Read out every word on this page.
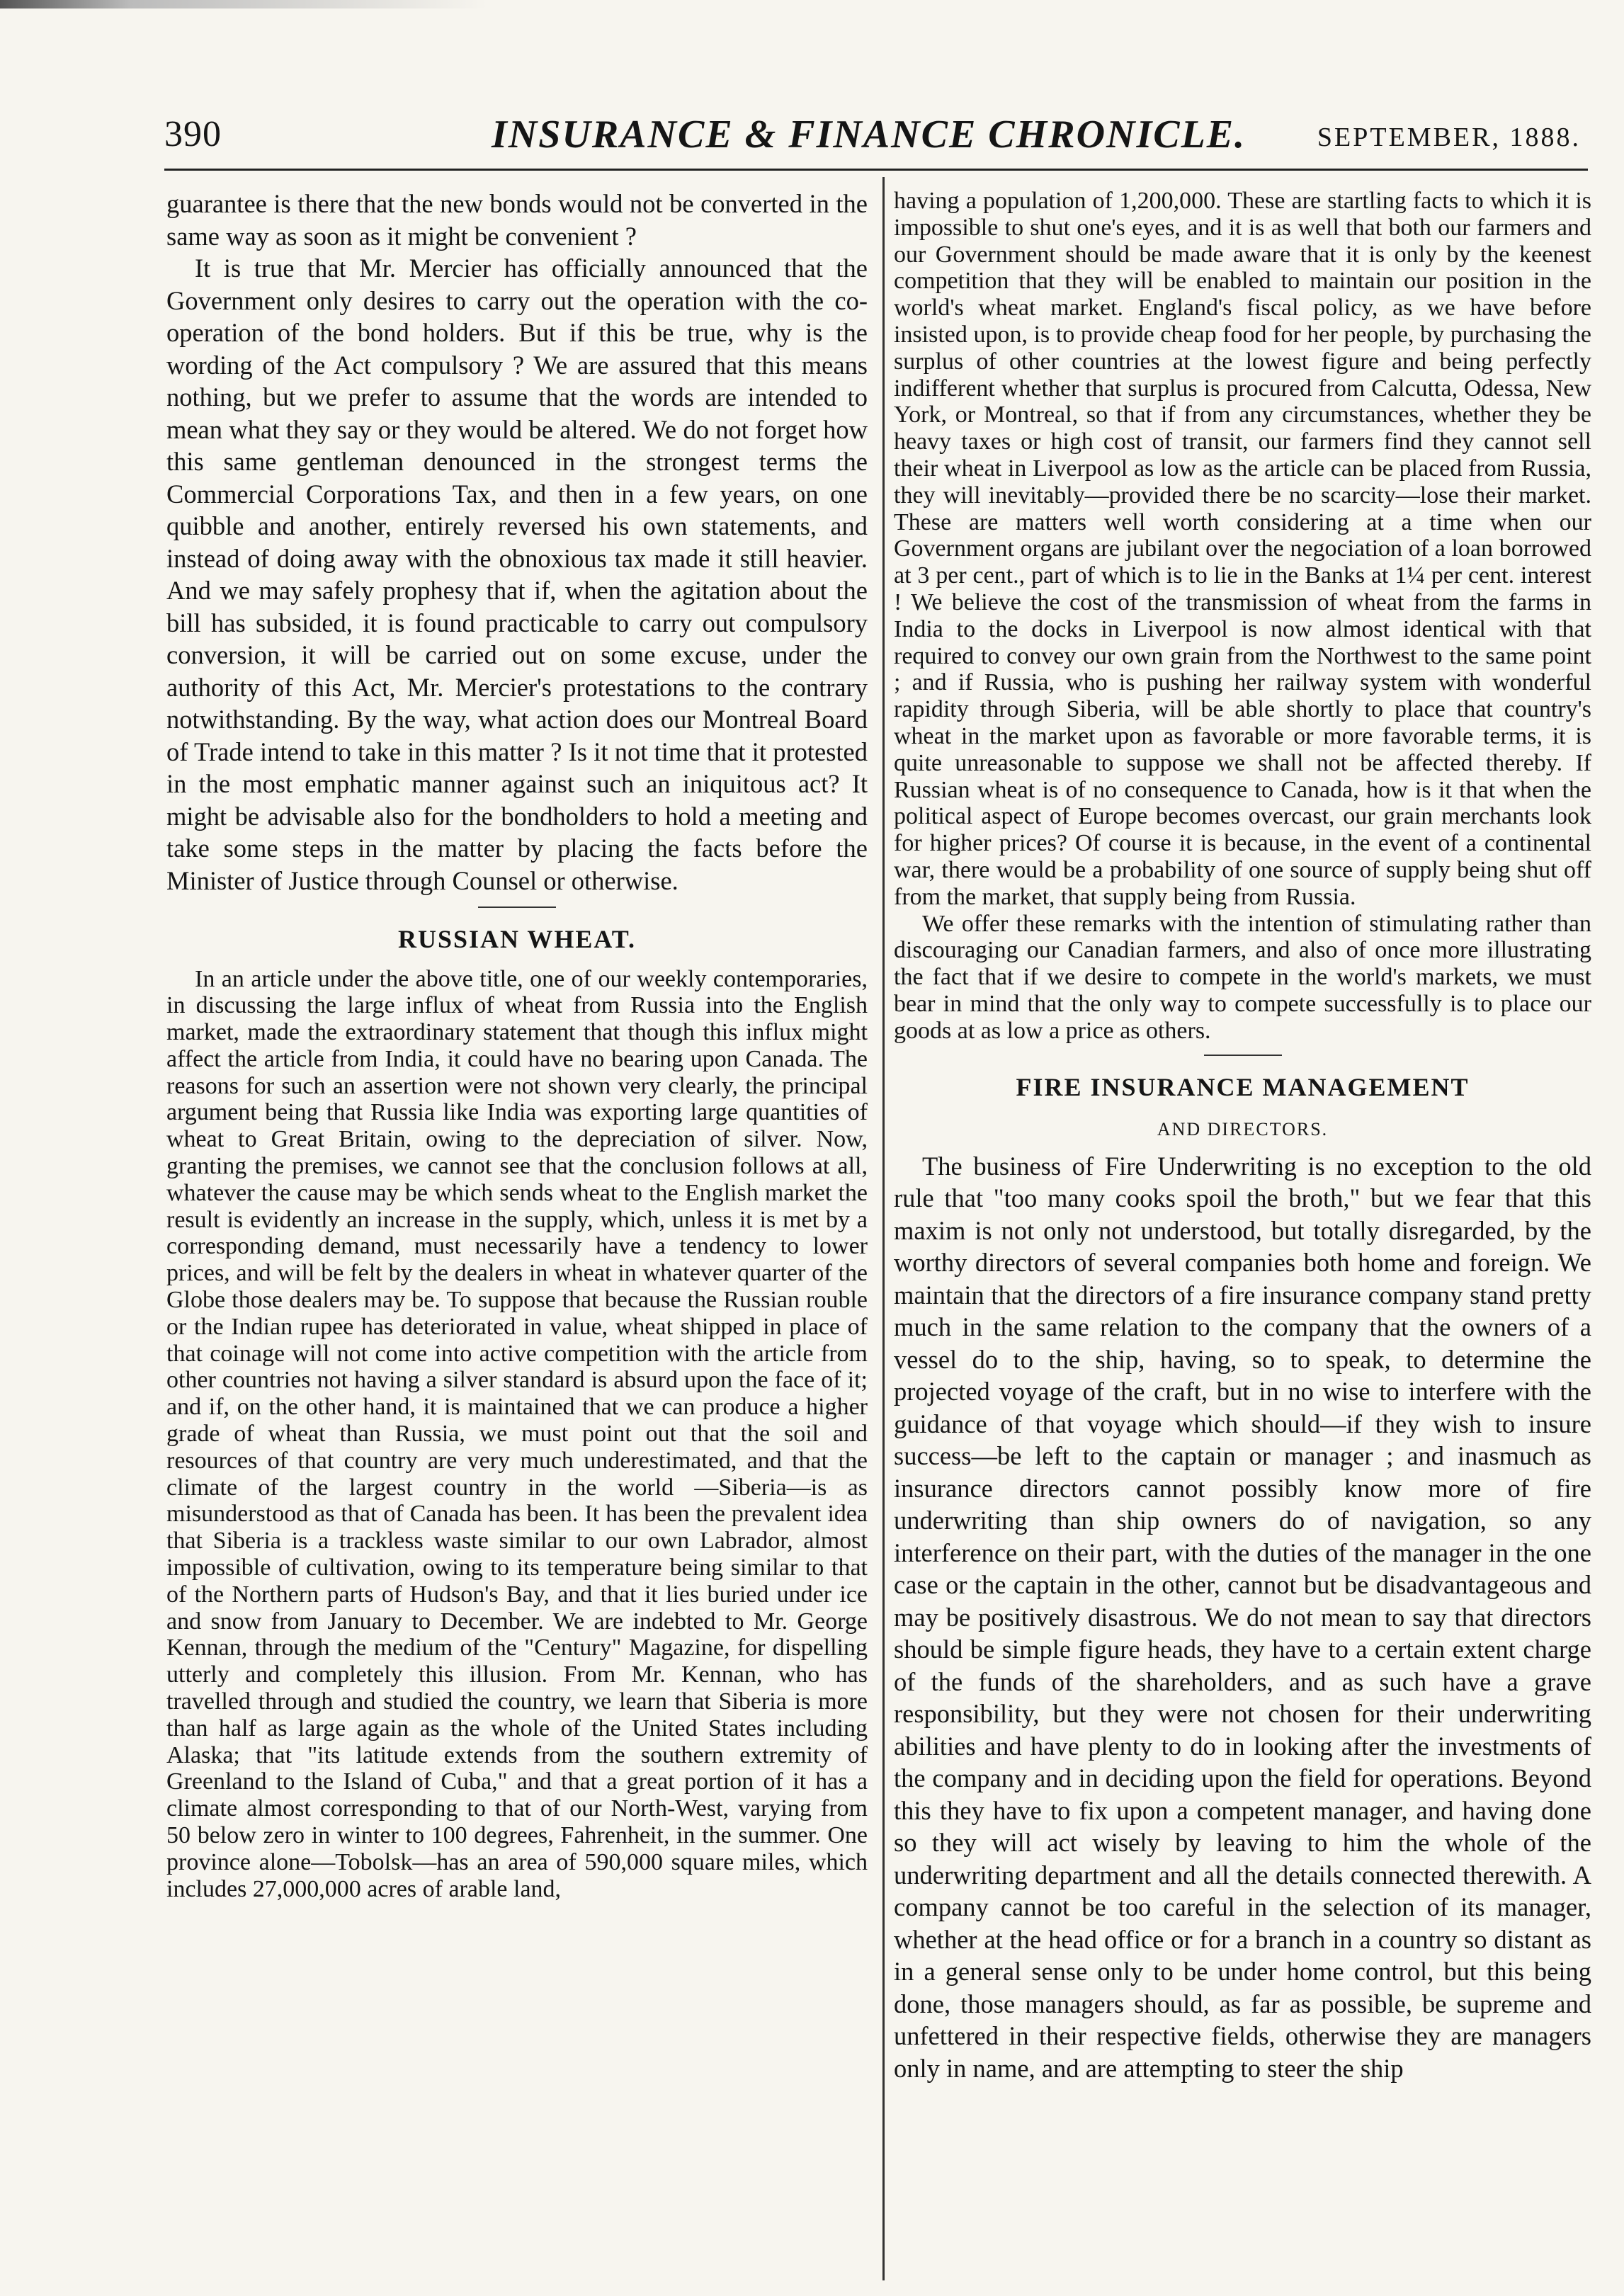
390	INSURANCE & FINANCE CHRONICLE.	SEPTEMBER, 1888.

guarantee is there that the new bonds would not be converted in the same way as soon as it might be convenient ?

It is true that Mr. Mercier has officially announced that the Government only desires to carry out the operation with the co-operation of the bond holders. But if this be true, why is the wording of the Act compulsory ? We are assured that this means nothing, but we prefer to assume that the words are intended to mean what they say or they would be altered. We do not forget how this same gentleman denounced in the strongest terms the Commercial Corporations Tax, and then in a few years, on one quibble and another, entirely reversed his own statements, and instead of doing away with the obnoxious tax made it still heavier. And we may safely prophesy that if, when the agitation about the bill has subsided, it is found practicable to carry out compulsory conversion, it will be carried out on some excuse, under the authority of this Act, Mr. Mercier's protestations to the contrary notwithstanding. By the way, what action does our Montreal Board of Trade intend to take in this matter ? Is it not time that it protested in the most emphatic manner against such an iniquitous act? It might be advisable also for the bondholders to hold a meeting and take some steps in the matter by placing the facts before the Minister of Justice through Counsel or otherwise.

RUSSIAN WHEAT.

In an article under the above title, one of our weekly contemporaries, in discussing the large influx of wheat from Russia into the English market, made the extraordinary statement that though this influx might affect the article from India, it could have no bearing upon Canada. The reasons for such an assertion were not shown very clearly, the principal argument being that Russia like India was exporting large quantities of wheat to Great Britain, owing to the depreciation of silver. Now, granting the premises, we cannot see that the conclusion follows at all, whatever the cause may be which sends wheat to the English market the result is evidently an increase in the supply, which, unless it is met by a corresponding demand, must necessarily have a tendency to lower prices, and will be felt by the dealers in wheat in whatever quarter of the Globe those dealers may be. To suppose that because the Russian rouble or the Indian rupee has deteriorated in value, wheat shipped in place of that coinage will not come into active competition with the article from other countries not having a silver standard is absurd upon the face of it; and if, on the other hand, it is maintained that we can produce a higher grade of wheat than Russia, we must point out that the soil and resources of that country are very much underestimated, and that the climate of the largest country in the world —Siberia—is as misunderstood as that of Canada has been. It has been the prevalent idea that Siberia is a trackless waste similar to our own Labrador, almost impossible of cultivation, owing to its temperature being similar to that of the Northern parts of Hudson's Bay, and that it lies buried under ice and snow from January to December. We are indebted to Mr. George Kennan, through the medium of the "Century" Magazine, for dispelling utterly and completely this illusion. From Mr. Kennan, who has travelled through and studied the country, we learn that Siberia is more than half as large again as the whole of the United States including Alaska; that "its latitude extends from the southern extremity of Greenland to the Island of Cuba," and that a great portion of it has a climate almost corresponding to that of our North-West, varying from 50 below zero in winter to 100 degrees, Fahrenheit, in the summer. One province alone—Tobolsk—has an area of 590,000 square miles, which includes 27,000,000 acres of arable land,

having a population of 1,200,000. These are startling facts to which it is impossible to shut one's eyes, and it is as well that both our farmers and our Government should be made aware that it is only by the keenest competition that they will be enabled to maintain our position in the world's wheat market. England's fiscal policy, as we have before insisted upon, is to provide cheap food for her people, by purchasing the surplus of other countries at the lowest figure and being perfectly indifferent whether that surplus is procured from Calcutta, Odessa, New York, or Montreal, so that if from any circumstances, whether they be heavy taxes or high cost of transit, our farmers find they cannot sell their wheat in Liverpool as low as the article can be placed from Russia, they will inevitably—provided there be no scarcity—lose their market. These are matters well worth considering at a time when our Government organs are jubilant over the negociation of a loan borrowed at 3 per cent., part of which is to lie in the Banks at 1¼ per cent. interest ! We believe the cost of the transmission of wheat from the farms in India to the docks in Liverpool is now almost identical with that required to convey our own grain from the Northwest to the same point ; and if Russia, who is pushing her railway system with wonderful rapidity through Siberia, will be able shortly to place that country's wheat in the market upon as favorable or more favorable terms, it is quite unreasonable to suppose we shall not be affected thereby. If Russian wheat is of no consequence to Canada, how is it that when the political aspect of Europe becomes overcast, our grain merchants look for higher prices? Of course it is because, in the event of a continental war, there would be a probability of one source of supply being shut off from the market, that supply being from Russia.

We offer these remarks with the intention of stimulating rather than discouraging our Canadian farmers, and also of once more illustrating the fact that if we desire to compete in the world's markets, we must bear in mind that the only way to compete successfully is to place our goods at as low a price as others.

FIRE INSURANCE MANAGEMENT
AND DIRECTORS.

The business of Fire Underwriting is no exception to the old rule that "too many cooks spoil the broth," but we fear that this maxim is not only not understood, but totally disregarded, by the worthy directors of several companies both home and foreign. We maintain that the directors of a fire insurance company stand pretty much in the same relation to the company that the owners of a vessel do to the ship, having, so to speak, to determine the projected voyage of the craft, but in no wise to interfere with the guidance of that voyage which should—if they wish to insure success—be left to the captain or manager ; and inasmuch as insurance directors cannot possibly know more of fire underwriting than ship owners do of navigation, so any interference on their part, with the duties of the manager in the one case or the captain in the other, cannot but be disadvantageous and may be positively disastrous. We do not mean to say that directors should be simple figure heads, they have to a certain extent charge of the funds of the shareholders, and as such have a grave responsibility, but they were not chosen for their underwriting abilities and have plenty to do in looking after the investments of the company and in deciding upon the field for operations. Beyond this they have to fix upon a competent manager, and having done so they will act wisely by leaving to him the whole of the underwriting department and all the details connected therewith. A company cannot be too careful in the selection of its manager, whether at the head office or for a branch in a country so distant as in a general sense only to be under home control, but this being done, those managers should, as far as possible, be supreme and unfettered in their respective fields, otherwise they are managers only in name, and are attempting to steer the ship
